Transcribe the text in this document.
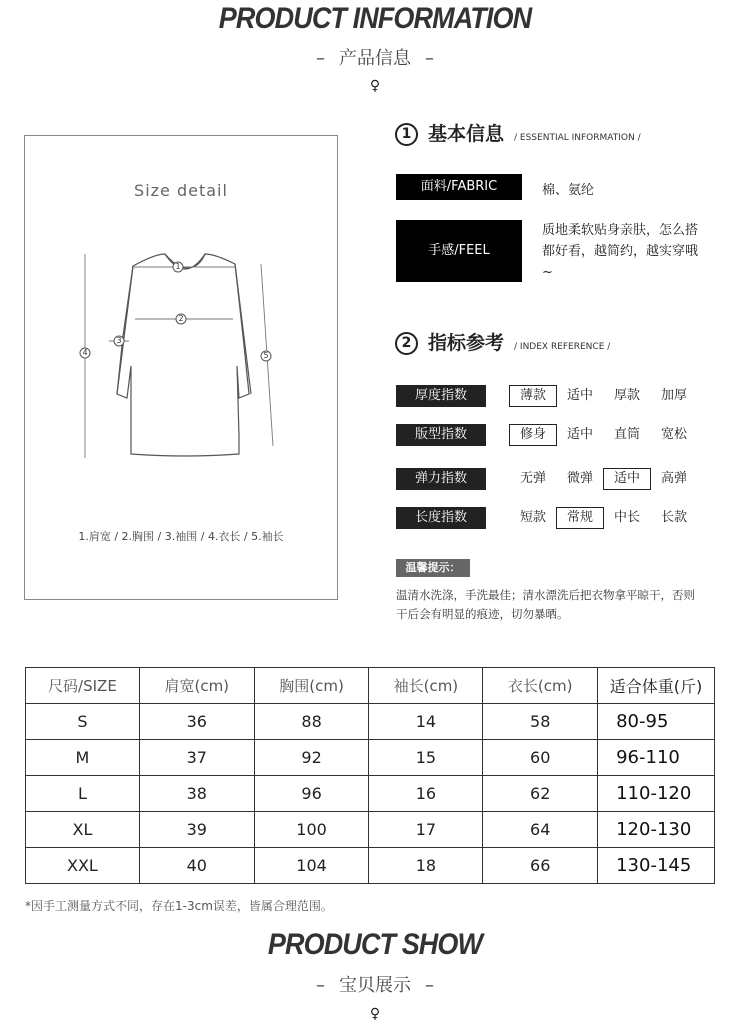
PRODUCT INFORMATION
– 产品信息 –
♀
Size detail
1
2
3
4	5
1.肩宽 / 2.胸围 / 3.袖围 / 4.衣长 / 5.袖长
1 基本信息 / ESSENTIAL INFORMATION /
面料/FABRIC	棉、氨纶
手感/FEEL
质地柔软贴身亲肤，怎么搭都好看，越简约，越实穿哦~
2 指标参考 / INDEX REFERENCE /
厚度指数	薄款	适中	厚款	加厚
版型指数	修身	适中	直筒	宽松
弹力指数	无弹	微弹	适中	高弹
长度指数	短款	常规	中长	长款
温馨提示：
温清水洗涤，手洗最佳；清水漂洗后把衣物拿平晾干，否则干后会有明显的痕迹，切勿暴晒。
尺码/SIZE	肩宽(cm)	胸围(cm)	袖长(cm)	衣长(cm)	适合体重(斤)
S	36	88	14	58	80-95
M	37	92	15	60	96-110
L	38	96	16	62	110-120
XL	39	100	17	64	120-130
XXL	40	104	18	66	130-145
*因手工测量方式不同，存在1-3cm误差，皆属合理范围。
PRODUCT SHOW
– 宝贝展示 –
♀
